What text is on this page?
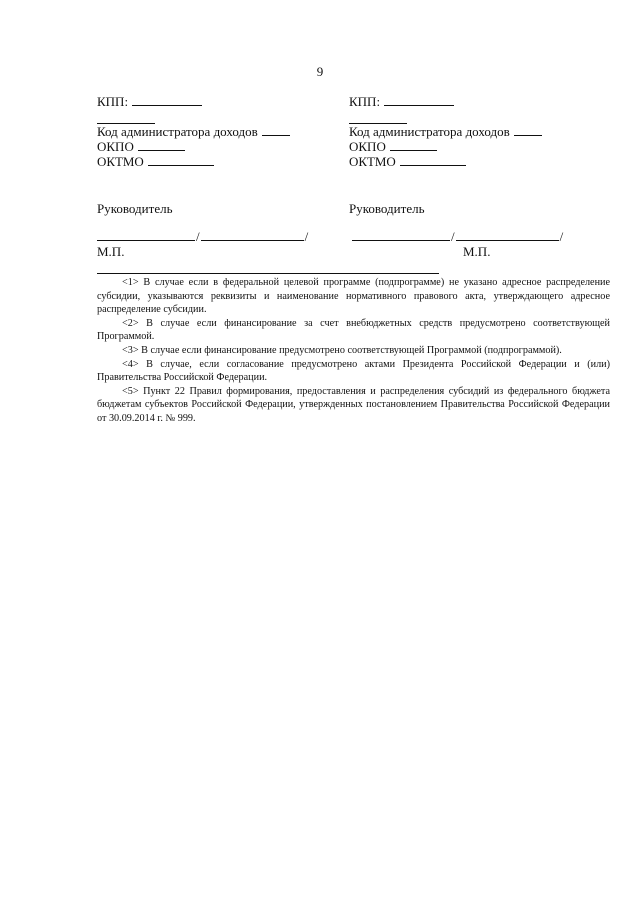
9
КПП:
Код администратора доходов
ОКПО
ОКТМО
Руководитель
/	/
М.П.
КПП:
Код администратора доходов
ОКПО
ОКТМО
Руководитель
/	/
М.П.

<1> В случае если в федеральной целевой программе (подпрограмме) не указано адресное распределение субсидии, указываются реквизиты и наименование нормативного правового акта, утверждающего адресное распределение субсидии.

<2> В случае если финансирование за счет внебюджетных средств предусмотрено соответствующей Программой.

<3> В случае если финансирование предусмотрено соответствующей Программой (подпрограммой).

<4> В случае, если согласование предусмотрено актами Президента Российской Федерации и (или) Правительства Российской Федерации.

<5> Пункт 22 Правил формирования, предоставления и распределения субсидий из федерального бюджета бюджетам субъектов Российской Федерации, утвержденных постановлением Правительства Российской Федерации от 30.09.2014 г. № 999.
